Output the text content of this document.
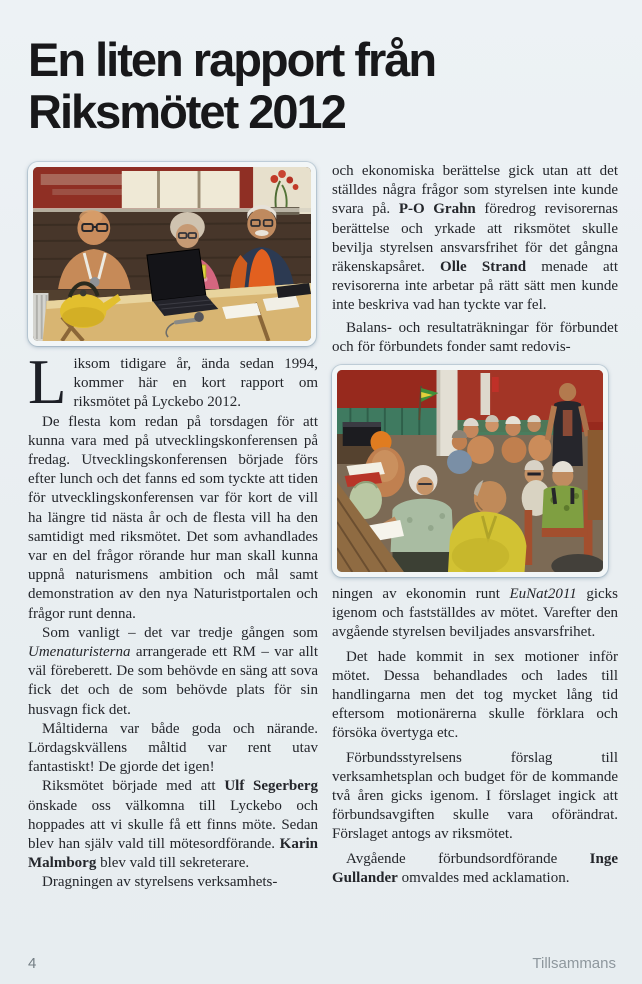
En liten rapport från
Riksmötet 2012

Liksom tidigare år, ända sedan 1994, kommer här en kort rapport om riksmötet på Lyckebo 2012.

De flesta kom redan på torsdagen för att kunna vara med på utvecklingskonferensen på fredag. Utvecklingskonferensen började förs efter lunch och det fanns ed som tyckte att tiden för utvecklingskonferensen var för kort de vill ha längre tid nästa år och de flesta vill ha den samtidigt med riksmötet. Det som avhandlades var en del frågor rörande hur man skall kunna uppnå naturismens ambition och mål samt demonstration av den nya Naturistportalen och frågor runt denna.

Som vanligt – det var tredje gången som Umenaturisterna arrangerade ett RM – var allt väl föreberett. De som behövde en säng att sova fick det och de som behövde plats för sin husvagn fick det.

Måltiderna var både goda och närande. Lördagskvällens måltid var rent utav fantastiskt! De gjorde det igen!

Riksmötet började med att Ulf Segerberg önskade oss välkomna till Lyckebo och hoppades att vi skulle få ett finns möte. Sedan blev han själv vald till mötesordförande. Karin Malmborg blev vald till sekreterare.

Dragningen av styrelsens verksamhets-

och ekonomiska berättelse gick utan att det ställdes några frågor som styrelsen inte kunde svara på. P-O Grahn föredrog revisorernas berättelse och yrkade att riksmötet skulle bevilja styrelsen ansvarsfrihet för det gångna räkenskapsåret. Olle Strand menade att revisorerna inte arbetar på rätt sätt men kunde inte beskriva vad han tyckte var fel.

Balans- och resultaträkningar för förbundet och för förbundets fonder samt redovis-

ningen av ekonomin runt EuNat2011 gicks igenom och fastställdes av mötet. Varefter den avgående styrelsen beviljades ansvarsfrihet.

Det hade kommit in sex motioner inför mötet. Dessa behandlades och lades till handlingarna men det tog mycket lång tid eftersom motionärerna skulle förklara och försöka övertyga etc.

Förbundsstyrelsens förslag till verksamhetsplan och budget för de kommande två åren gicks igenom. I förslaget ingick att förbundsavgiften skulle vara oförändrat. Förslaget antogs av riksmötet.

Avgående förbundsordförande Inge Gullander omvaldes med acklamation.

4	Tillsammans
